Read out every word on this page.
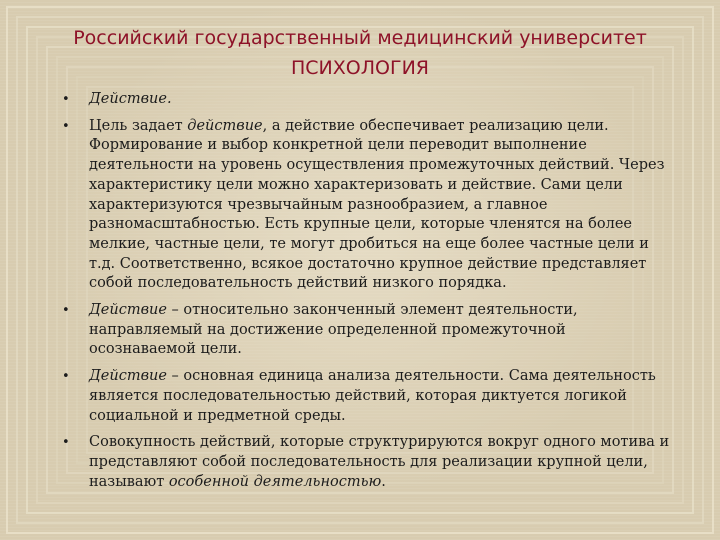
Российский государственный медицинский университет
ПСИХОЛОГИЯ
• Действие.
• Цель задает действие, а действие обеспечивает реализацию цели. Формирование и выбор конкретной цели переводит выполнение деятельности на уровень осуществления промежуточных действий. Через характеристику цели можно характеризовать и действие. Сами цели характеризуются чрезвычайным разнообразием, а главное разномасштабностью. Есть крупные цели, которые членятся на более мелкие, частные цели, те могут дробиться на еще более частные цели и т.д. Соответственно, всякое достаточно крупное действие представляет собой последовательность действий низкого порядка.
• Действие – относительно законченный элемент деятельности, направляемый на достижение определенной промежуточной осознаваемой цели.
• Действие – основная единица анализа деятельности. Сама деятельность является последовательностью действий, которая диктуется логикой социальной и предметной среды.
• Совокупность действий, которые структурируются вокруг одного мотива и представляют собой последовательность для реализации крупной цели, называют особенной деятельностью.
